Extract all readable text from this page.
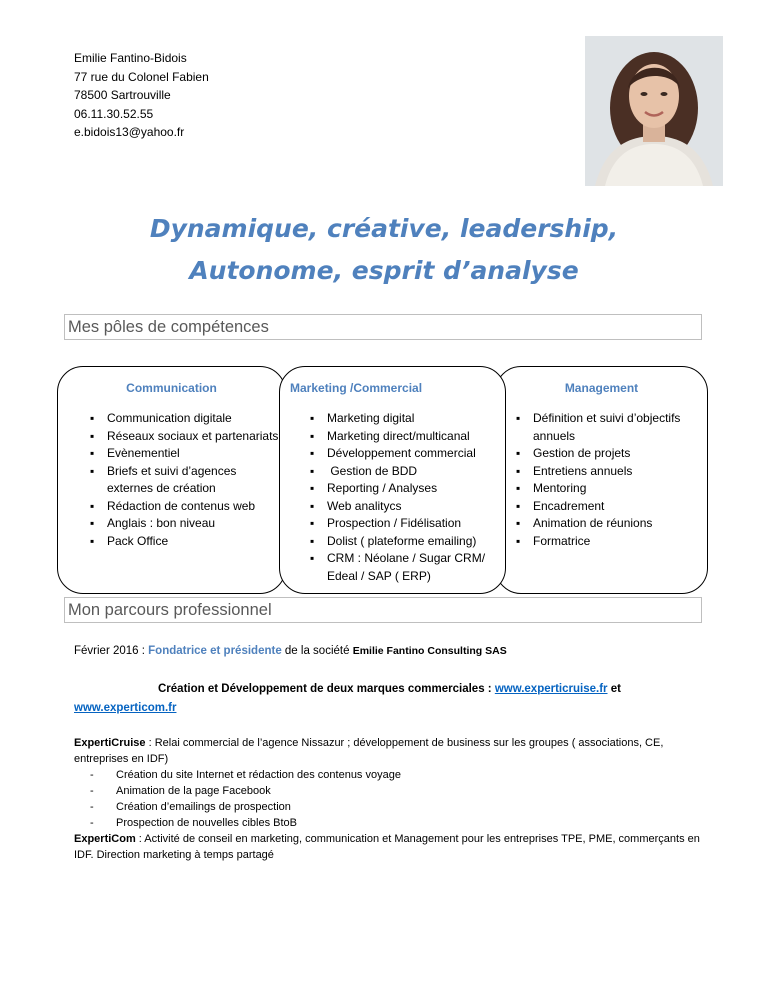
Emilie Fantino-Bidois
77 rue du Colonel Fabien
78500 Sartrouville
06.11.30.52.55
e.bidois13@yahoo.fr
Dynamique, créative, leadership,
Autonome, esprit d’analyse
Mes pôles de compétences
Communication
▪ Communication digitale
▪ Réseaux sociaux et partenariats
▪ Evènementiel
▪ Briefs et suivi d’agences externes de création
▪ Rédaction de contenus web
▪ Anglais : bon niveau
▪ Pack Office
Marketing /Commercial
▪ Marketing digital
▪ Marketing direct/multicanal
▪ Développement commercial
▪  Gestion de BDD
▪ Reporting / Analyses
▪ Web analitycs
▪ Prospection / Fidélisation
▪ Dolist ( plateforme emailing)
▪ CRM : Néolane / Sugar CRM/ Edeal / SAP ( ERP)
Management
▪ Définition et suivi d’objectifs annuels
▪ Gestion de projets
▪ Entretiens annuels
▪ Mentoring
▪ Encadrement
▪ Animation de réunions
▪ Formatrice
Mon parcours professionnel
Février 2016 : Fondatrice et présidente de la société Emilie Fantino Consulting SAS
Création et Développement de deux marques commerciales : www.experticruise.fr et
www.experticom.fr
ExpertiCruise : Relai commercial de l’agence Nissazur ; développement de business sur les groupes ( associations, CE, entreprises en IDF)
- Création du site Internet et rédaction des contenus voyage
- Animation de la page Facebook
- Création d’emailings de prospection
- Prospection de nouvelles cibles BtoB
ExpertiCom : Activité de conseil en marketing, communication et Management pour les entreprises TPE, PME, commerçants en IDF. Direction marketing à temps partagé
